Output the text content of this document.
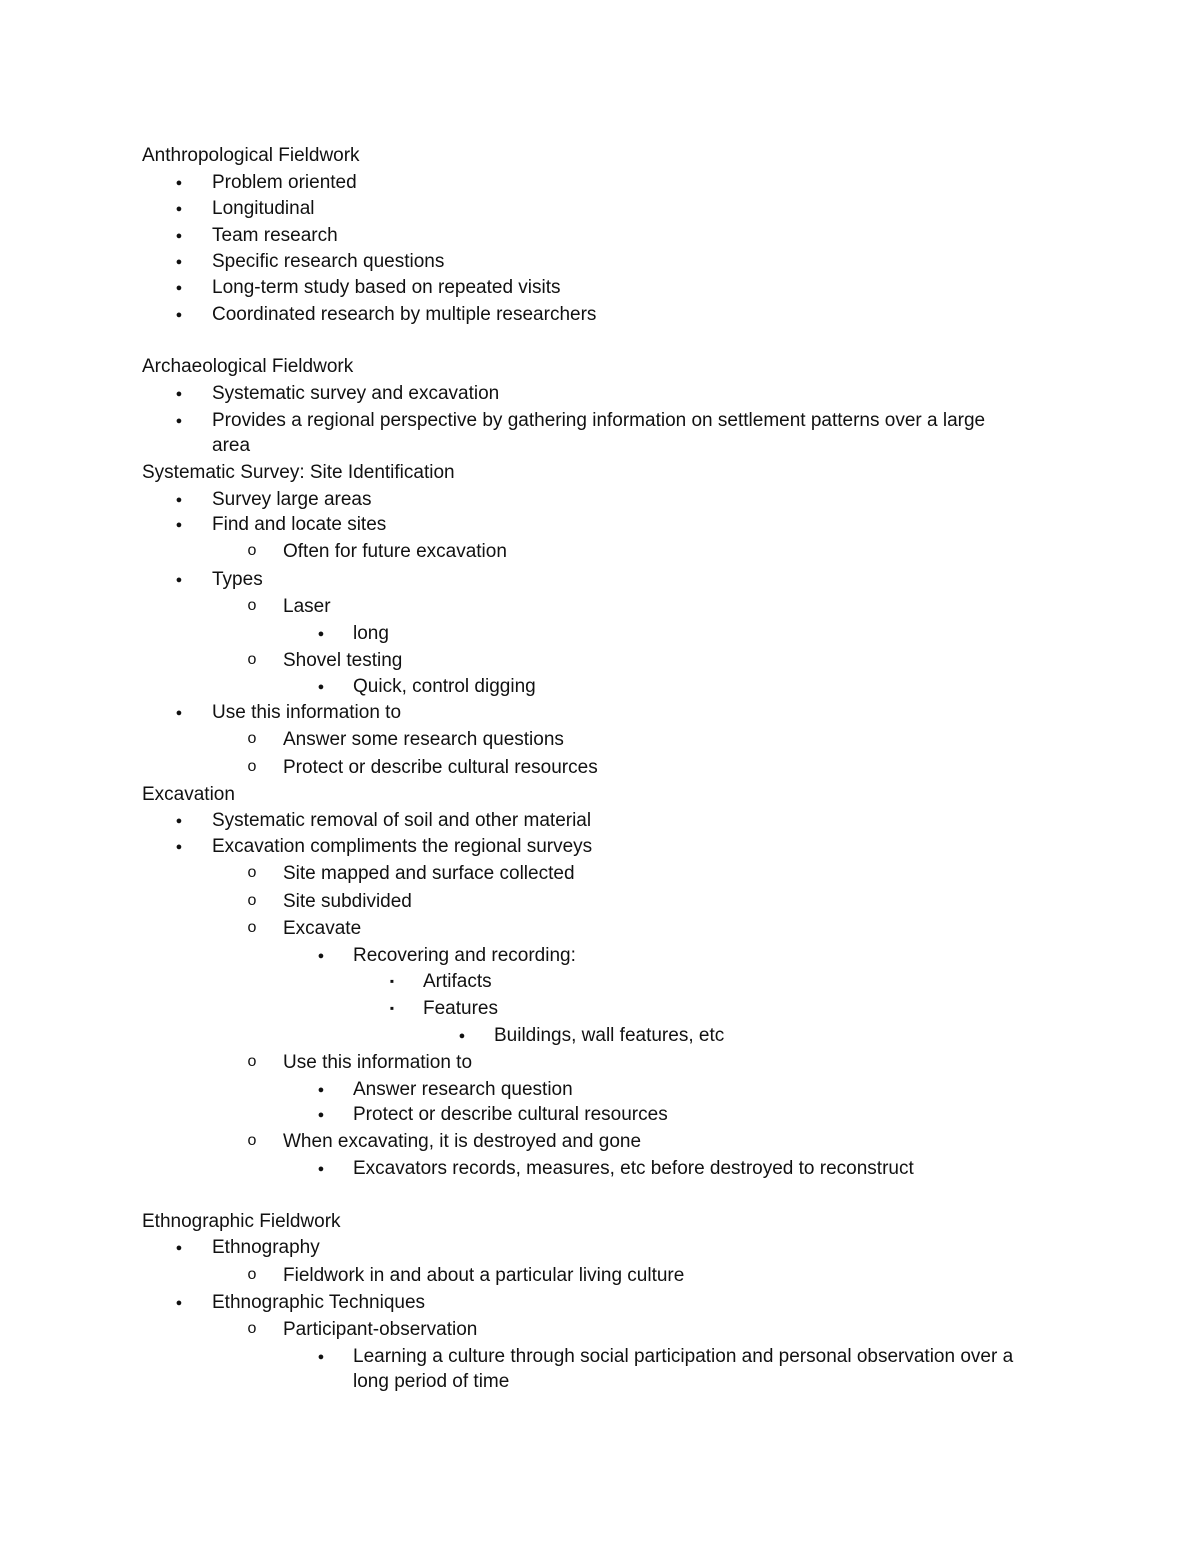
Anthropological Fieldwork
●
Problem oriented
●
Longitudinal
●
Team research
●
Specific research questions
●
Long-term study based on repeated visits
●
Coordinated research by multiple researchers
Archaeological Fieldwork
●
Systematic survey and excavation
●
Provides a regional perspective by gathering information on settlement patterns over a large
area
Systematic Survey: Site Identification
●
Survey large areas
●
Find and locate sites
o
Often for future excavation
●
Types
o
Laser
●
long
o
Shovel testing
●
Quick, control digging
●
Use this information to
o
Answer some research questions
o
Protect or describe cultural resources
Excavation
●
Systematic removal of soil and other material
●
Excavation compliments the regional surveys
o
Site mapped and surface collected
o
Site subdivided
o
Excavate
●
Recovering and recording:
▪
Artifacts
▪
Features
●
Buildings, wall features, etc
o
Use this information to
●
Answer research question
●
Protect or describe cultural resources
o
When excavating, it is destroyed and gone
●
Excavators records, measures, etc before destroyed to reconstruct
Ethnographic Fieldwork
●
Ethnography
o
Fieldwork in and about a particular living culture
●
Ethnographic Techniques
o
Participant-observation
●
Learning a culture through social participation and personal observation over a
long period of time
